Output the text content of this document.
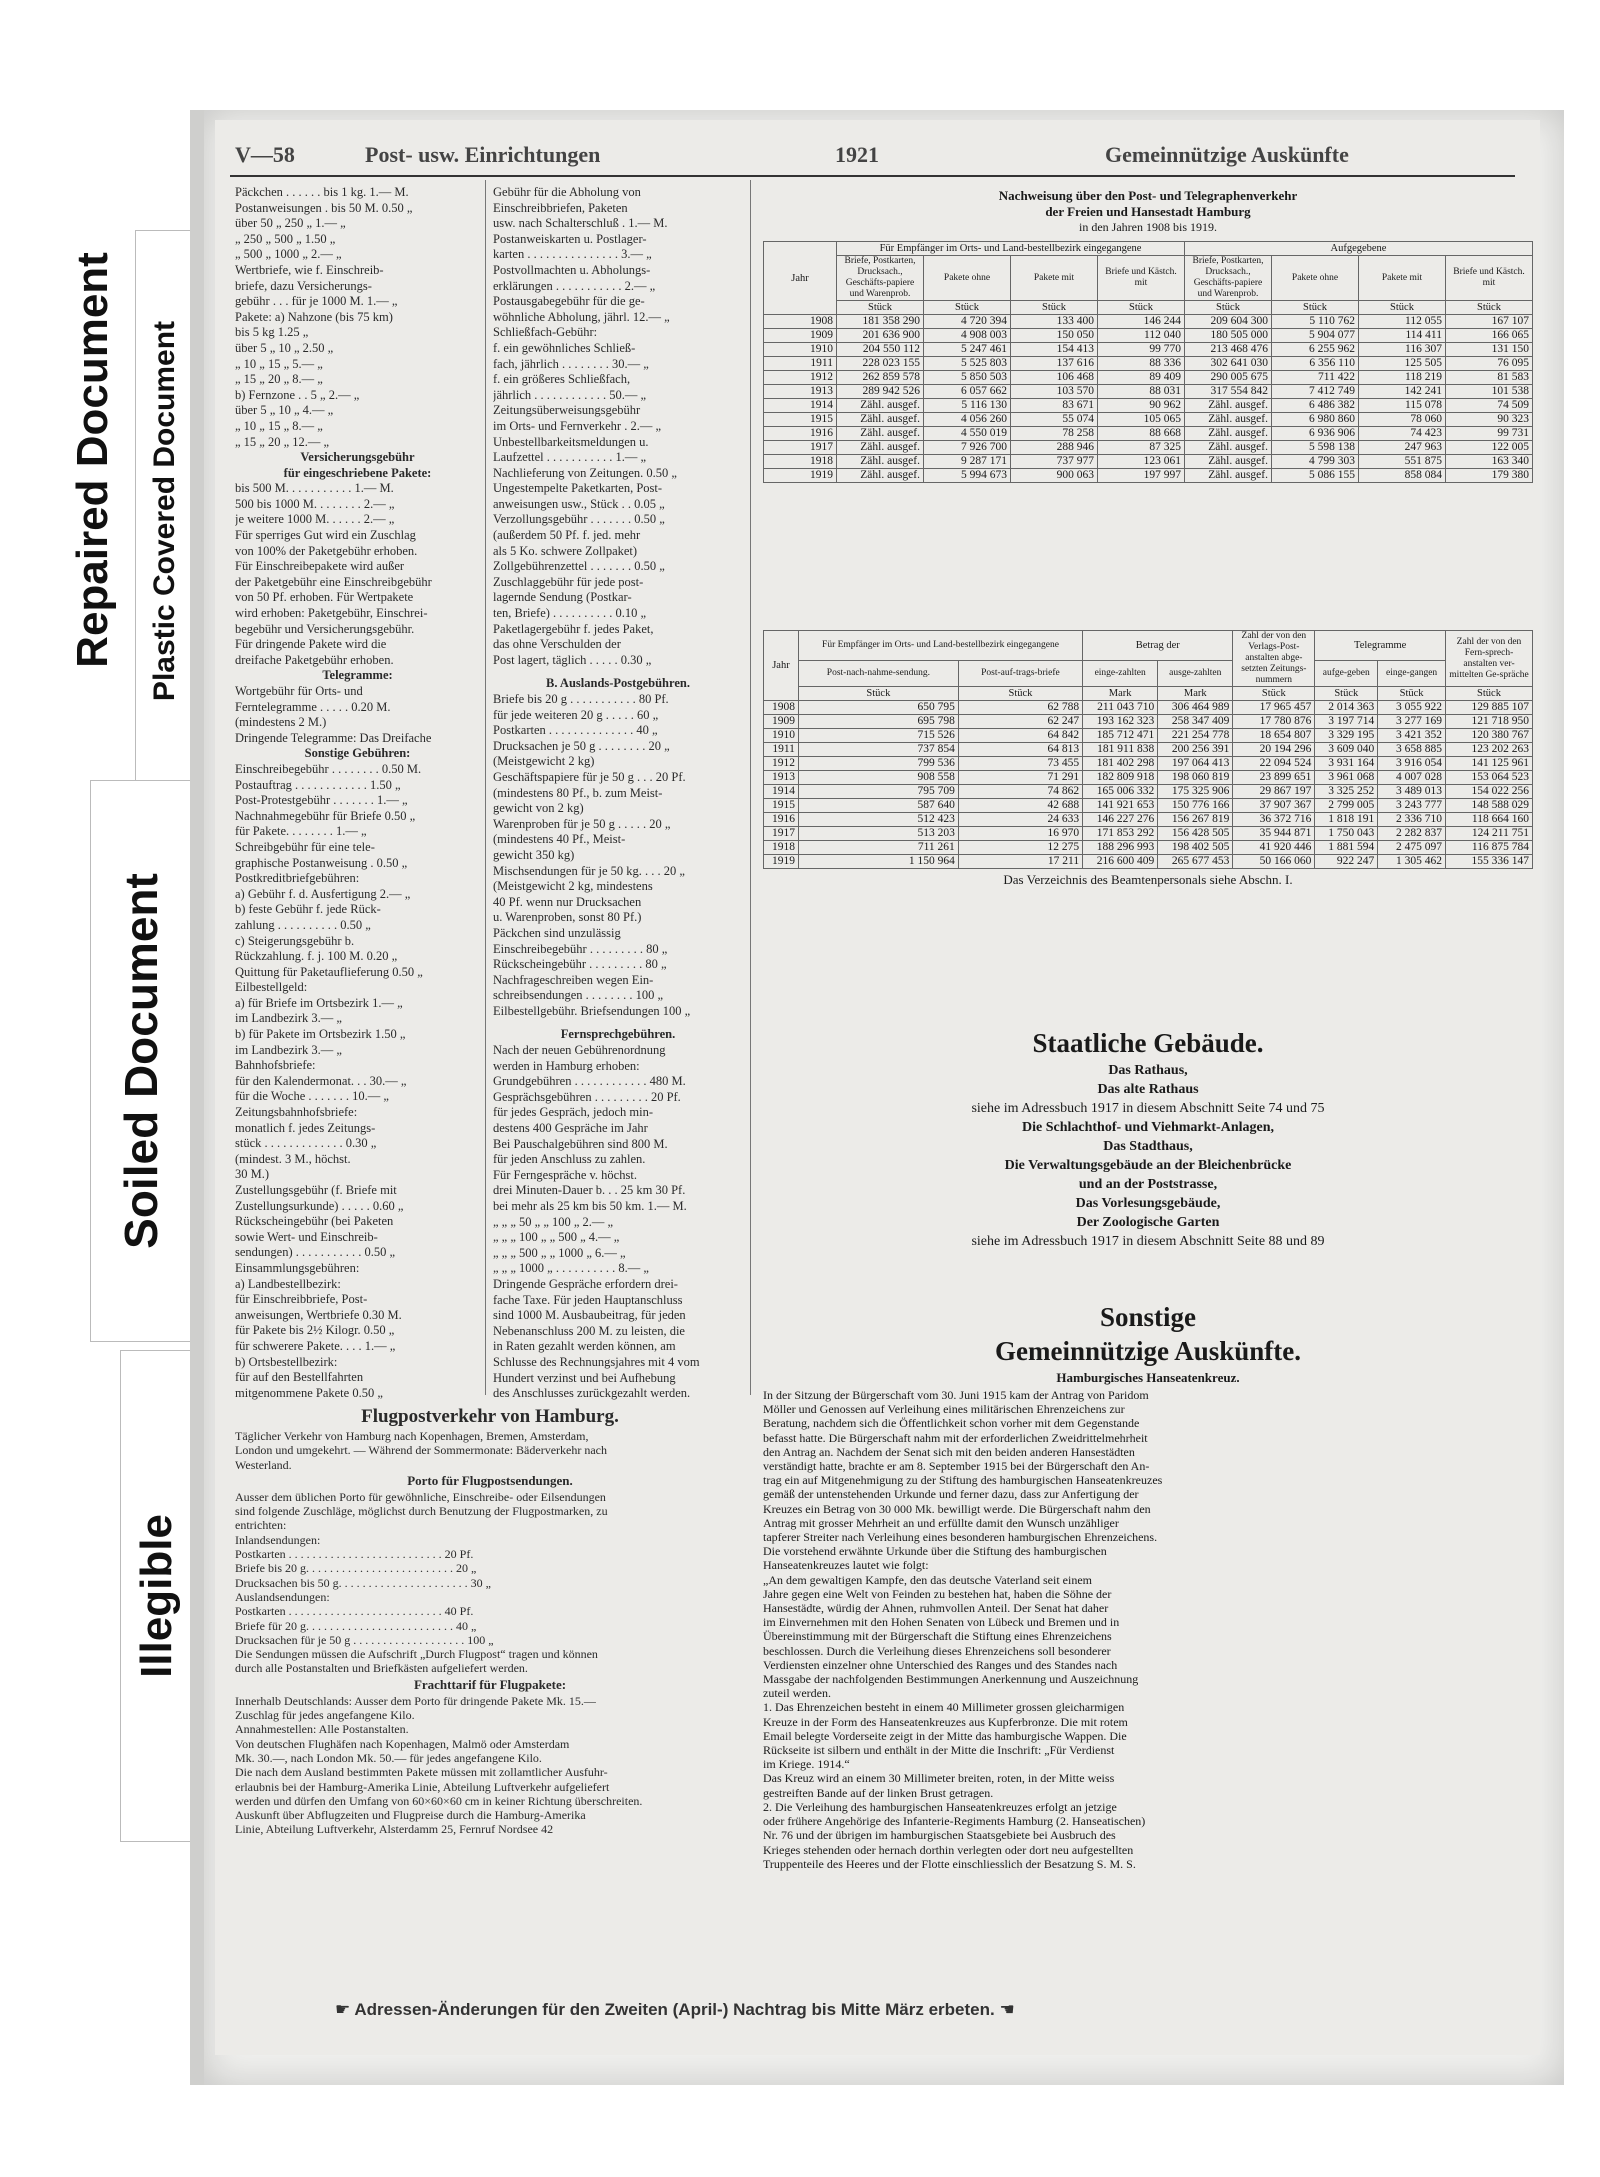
Repaired Document Plastic Covered Document
Soiled Document
Illegible
V—58	Post- usw. Einrichtungen	1921	Gemeinnützige Auskünfte
Päckchen . . . . . . bis 1 kg. 1.— M.
Postanweisungen . bis 50 M. 0.50 „
über 50 „ 250 „ 1.— „
„ 250 „ 500 „ 1.50 „
„ 500 „ 1000 „ 2.— „
Wertbriefe, wie f. Einschreib-
briefe, dazu Versicherungs-
gebühr . . . für je 1000 M. 1.— „
Pakete: a) Nahzone (bis 75 km)
bis 5 kg 1.25 „
über 5 „ 10 „ 2.50 „
„ 10 „ 15 „ 5.— „
„ 15 „ 20 „ 8.— „
b) Fernzone . . 5 „ 2.— „
über 5 „ 10 „ 4.— „
„ 10 „ 15 „ 8.— „
„ 15 „ 20 „ 12.— „
Versicherungsgebühr
für eingeschriebene Pakete:
bis 500 M. . . . . . . . . . . 1.— M.
500 bis 1000 M. . . . . . . . 2.— „
je weitere 1000 M. . . . . . 2.— „
Für sperriges Gut wird ein Zuschlag
von 100% der Paketgebühr erhoben.
Für Einschreibepakete wird außer
der Paketgebühr eine Einschreibgebühr
von 50 Pf. erhoben. Für Wertpakete
wird erhoben: Paketgebühr, Einschrei-
begebühr und Versicherungsgebühr.
Für dringende Pakete wird die
dreifache Paketgebühr erhoben.
Telegramme:
Wortgebühr für Orts- und
Ferntelegramme . . . . . 0.20 M.
(mindestens 2 M.)
Dringende Telegramme: Das Dreifache
Sonstige Gebühren:
Einschreibegebühr . . . . . . . . 0.50 M.
Postauftrag . . . . . . . . . . . . 1.50 „
Post-Protestgebühr . . . . . . . 1.— „
Nachnahmegebühr für Briefe 0.50 „
für Pakete. . . . . . . . 1.— „
Schreibgebühr für eine tele-
graphische Postanweisung . 0.50 „
Postkreditbriefgebühren:
a) Gebühr f. d. Ausfertigung 2.— „
b) feste Gebühr f. jede Rück-
zahlung . . . . . . . . . . 0.50 „
c) Steigerungsgebühr b.
Rückzahlung. f. j. 100 M. 0.20 „
Quittung für Paketauflieferung 0.50 „
Eilbestellgeld:
a) für Briefe im Ortsbezirk 1.— „
im Landbezirk 3.— „
b) für Pakete im Ortsbezirk 1.50 „
im Landbezirk 3.— „
Bahnhofsbriefe:
für den Kalendermonat. . . 30.— „
für die Woche . . . . . . . 10.— „
Zeitungsbahnhofsbriefe:
monatlich f. jedes Zeitungs-
stück . . . . . . . . . . . . . 0.30 „
(mindest. 3 M., höchst.
30 M.)
Zustellungsgebühr (f. Briefe mit
Zustellungsurkunde) . . . . . 0.60 „
Rückscheingebühr (bei Paketen
sowie Wert- und Einschreib-
sendungen) . . . . . . . . . . . 0.50 „
Einsammlungsgebühren:
a) Landbestellbezirk:
für Einschreibbriefe, Post-
anweisungen, Wertbriefe 0.30 M.
für Pakete bis 2½ Kilogr. 0.50 „
für schwerere Pakete. . . . 1.— „
b) Ortsbestellbezirk:
für auf den Bestellfahrten
mitgenommene Pakete 0.50 „
Gebühr für die Abholung von
Einschreibbriefen, Paketen
usw. nach Schalterschluß . 1.— M.
Postanweiskarten u. Postlager-
karten . . . . . . . . . . . . . . . 3.— „
Postvollmachten u. Abholungs-
erklärungen . . . . . . . . . . . 2.— „
Postausgabegebühr für die ge-
wöhnliche Abholung, jährl. 12.— „
Schließfach-Gebühr:
f. ein gewöhnliches Schließ-
fach, jährlich . . . . . . . . 30.— „
f. ein größeres Schließfach,
jährlich . . . . . . . . . . . . 50.— „
Zeitungsüberweisungsgebühr
im Orts- und Fernverkehr . 2.— „
Unbestellbarkeitsmeldungen u.
Laufzettel . . . . . . . . . . . 1.— „
Nachlieferung von Zeitungen. 0.50 „
Ungestempelte Paketkarten, Post-
anweisungen usw., Stück . . 0.05 „
Verzollungsgebühr . . . . . . . 0.50 „
(außerdem 50 Pf. f. jed. mehr
als 5 Ko. schwere Zollpaket)
Zollgebührenzettel . . . . . . . 0.50 „
Zuschlaggebühr für jede post-
lagernde Sendung (Postkar-
ten, Briefe) . . . . . . . . . . 0.10 „
Paketlagergebühr f. jedes Paket,
das ohne Verschulden der
Post lagert, täglich . . . . . 0.30 „
B. Auslands-Postgebühren.
Briefe bis 20 g . . . . . . . . . . . 80 Pf.
für jede weiteren 20 g . . . . . 60 „
Postkarten . . . . . . . . . . . . . . 40 „
Drucksachen je 50 g . . . . . . . . 20 „
(Meistgewicht 2 kg)
Geschäftspapiere für je 50 g . . . 20 Pf.
(mindestens 80 Pf., b. zum Meist-
gewicht von 2 kg)
Warenproben für je 50 g . . . . . 20 „
(mindestens 40 Pf., Meist-
gewicht 350 kg)
Mischsendungen für je 50 kg. . . . 20 „
(Meistgewicht 2 kg, mindestens
40 Pf. wenn nur Drucksachen
u. Warenproben, sonst 80 Pf.)
Päckchen sind unzulässig
Einschreibegebühr . . . . . . . . . 80 „
Rückscheingebühr . . . . . . . . . 80 „
Nachfrageschreiben wegen Ein-
schreibsendungen . . . . . . . . 100 „
Eilbestellgebühr. Briefsendungen 100 „
Fernsprechgebühren.
Nach der neuen Gebührenordnung
werden in Hamburg erhoben:
Grundgebühren . . . . . . . . . . . . 480 M.
Gesprächsgebühren . . . . . . . . . 20 Pf.
für jedes Gespräch, jedoch min-
destens 400 Gespräche im Jahr
Bei Pauschalgebühren sind 800 M.
für jeden Anschluss zu zahlen.
Für Ferngespräche v. höchst.
drei Minuten-Dauer b. . . 25 km 30 Pf.
bei mehr als 25 km bis 50 km. 1.— M.
„ „ „ 50 „ „ 100 „ 2.— „
„ „ „ 100 „ „ 500 „ 4.— „
„ „ „ 500 „ „ 1000 „ 6.— „
„ „ „ 1000 „ . . . . . . . . . . 8.— „
Dringende Gespräche erfordern drei-
fache Taxe. Für jeden Hauptanschluss
sind 1000 M. Ausbaubeitrag, für jeden
Nebenanschluss 200 M. zu leisten, die
in Raten gezahlt werden können, am
Schlusse des Rechnungsjahres mit 4 vom
Hundert verzinst und bei Aufhebung
des Anschlusses zurückgezahlt werden.
Flugpostverkehr von Hamburg.
Täglicher Verkehr von Hamburg nach Kopenhagen, Bremen, Amsterdam,
London und umgekehrt. — Während der Sommermonate: Bäderverkehr nach
Westerland.
Porto für Flugpostsendungen.
Ausser dem üblichen Porto für gewöhnliche, Einschreibe- oder Eilsendungen
sind folgende Zuschläge, möglichst durch Benutzung der Flugpostmarken, zu
entrichten:
Inlandsendungen:
Postkarten . . . . . . . . . . . . . . . . . . . . . . . . . . 20 Pf.
Briefe bis 20 g. . . . . . . . . . . . . . . . . . . . . . . . . 20 „
Drucksachen bis 50 g. . . . . . . . . . . . . . . . . . . . . . 30 „
Auslandsendungen:
Postkarten . . . . . . . . . . . . . . . . . . . . . . . . . . 40 Pf.
Briefe für 20 g. . . . . . . . . . . . . . . . . . . . . . . . . 40 „
Drucksachen für je 50 g . . . . . . . . . . . . . . . . . . . 100 „
Die Sendungen müssen die Aufschrift „Durch Flugpost“ tragen und können
durch alle Postanstalten und Briefkästen aufgeliefert werden.
Frachttarif für Flugpakete:
Innerhalb Deutschlands: Ausser dem Porto für dringende Pakete Mk. 15.—
Zuschlag für jedes angefangene Kilo.
Annahmestellen: Alle Postanstalten.
Von deutschen Flughäfen nach Kopenhagen, Malmö oder Amsterdam
Mk. 30.—, nach London Mk. 50.— für jedes angefangene Kilo.
Die nach dem Ausland bestimmten Pakete müssen mit zollamtlicher Ausfuhr-
erlaubnis bei der Hamburg-Amerika Linie, Abteilung Luftverkehr aufgeliefert
werden und dürfen den Umfang von 60×60×60 cm in keiner Richtung überschreiten.
Auskunft über Abflugzeiten und Flugpreise durch die Hamburg-Amerika
Linie, Abteilung Luftverkehr, Alsterdamm 25, Fernruf Nordsee 42
Nachweisung über den Post- und Telegraphenverkehr
der Freien und Hansestadt Hamburg
in den Jahren 1908 bis 1919.
Jahr	Für Empfänger im Orts- und Land-bestellbezirk eingegangene				Aufgegebene			
	Briefe, Postkarten, Drucksach., Geschäfts-papiere und Warenprob.	Pakete ohne	Pakete mit	Briefe und Kästch. mit	Briefe, Postkarten, Drucksach., Geschäfts-papiere und Warenprob.	Pakete ohne	Pakete mit	Briefe und Kästch. mit
	Stück	Stück	Stück	Stück	Stück	Stück	Stück	Stück
1908	181 358 290	4 720 394	133 400	146 244	209 604 300	5 110 762	112 055	167 107
1909	201 636 900	4 908 003	150 050	112 040	180 505 000	5 904 077	114 411	166 065
1910	204 550 112	5 247 461	154 413	99 770	213 468 476	6 255 962	116 307	131 150
1911	228 023 155	5 525 803	137 616	88 336	302 641 030	6 356 110	125 505	76 095
1912	262 859 578	5 850 503	106 468	89 409	290 005 675	711 422	118 219	81 583
1913	289 942 526	6 057 662	103 570	88 031	317 554 842	7 412 749	142 241	101 538
1914	Zähl. ausgef.	5 116 130	83 671	90 962	Zähl. ausgef.	6 486 382	115 078	74 509
1915	Zähl. ausgef.	4 056 260	55 074	105 065	Zähl. ausgef.	6 980 860	78 060	90 323
1916	Zähl. ausgef.	4 550 019	78 258	88 668	Zähl. ausgef.	6 936 906	74 423	99 731
1917	Zähl. ausgef.	7 926 700	288 946	87 325	Zähl. ausgef.	5 598 138	247 963	122 005
1918	Zähl. ausgef.	9 287 171	737 977	123 061	Zähl. ausgef.	4 799 303	551 875	163 340
1919	Zähl. ausgef.	5 994 673	900 063	197 997	Zähl. ausgef.	5 086 155	858 084	179 380
Jahr	Für Empfänger im Orts- und Land-bestellbezirk eingegangene		Betrag der		Zahl der von den Verlags-Post-anstalten abge-setzten Zeitungs-nummern	Telegramme		Zahl der von den Fern-sprech-anstalten ver-mittelten Ge-spräche
	Post-nach-nahme-sendung.	Post-auf-trags-briefe	einge-zahlten	ausge-zahlten		aufge-geben	einge-gangen	
	Stück	Stück	Mark	Mark	Stück	Stück	Stück	Stück
1908	650 795	62 788	211 043 710	306 464 989	17 965 457	2 014 363	3 055 922	129 885 107
1909	695 798	62 247	193 162 323	258 347 409	17 780 876	3 197 714	3 277 169	121 718 950
1910	715 526	64 842	185 712 471	221 254 778	18 654 807	3 329 195	3 421 352	120 380 767
1911	737 854	64 813	181 911 838	200 256 391	20 194 296	3 609 040	3 658 885	123 202 263
1912	799 536	73 455	181 402 298	197 064 413	22 094 524	3 931 164	3 916 054	141 125 961
1913	908 558	71 291	182 809 918	198 060 819	23 899 651	3 961 068	4 007 028	153 064 523
1914	795 709	74 862	165 006 332	175 325 906	29 867 197	3 325 252	3 489 013	154 022 256
1915	587 640	42 688	141 921 653	150 776 166	37 907 367	2 799 005	3 243 777	148 588 029
1916	512 423	24 633	146 227 276	156 267 819	36 372 716	1 818 191	2 336 710	118 664 160
1917	513 203	16 970	171 853 292	156 428 505	35 944 871	1 750 043	2 282 837	124 211 751
1918	711 261	12 275	188 296 993	198 402 505	41 920 446	1 881 594	2 475 097	116 875 784
1919	1 150 964	17 211	216 600 409	265 677 453	50 166 060	922 247	1 305 462	155 336 147
Das Verzeichnis des Beamtenpersonals siehe Abschn. I.
Staatliche Gebäude.
Das Rathaus,
Das alte Rathaus
siehe im Adressbuch 1917 in diesem Abschnitt Seite 74 und 75
Die Schlachthof- und Viehmarkt-Anlagen,
Das Stadthaus,
Die Verwaltungsgebäude an der Bleichenbrücke
und an der Poststrasse,
Das Vorlesungsgebäude,
Der Zoologische Garten
siehe im Adressbuch 1917 in diesem Abschnitt Seite 88 und 89
Sonstige
Gemeinnützige Auskünfte.
Hamburgisches Hanseatenkreuz.
In der Sitzung der Bürgerschaft vom 30. Juni 1915 kam der Antrag von Paridom
Möller und Genossen auf Verleihung eines militärischen Ehrenzeichens zur
Beratung, nachdem sich die Öffentlichkeit schon vorher mit dem Gegenstande
befasst hatte. Die Bürgerschaft nahm mit der erforderlichen Zweidrittelmehrheit
den Antrag an. Nachdem der Senat sich mit den beiden anderen Hansestädten
verständigt hatte, brachte er am 8. September 1915 bei der Bürgerschaft den An-
trag ein auf Mitgenehmigung zu der Stiftung des hamburgischen Hanseatenkreuzes
gemäß der untenstehenden Urkunde und ferner dazu, dass zur Anfertigung der
Kreuzes ein Betrag von 30 000 Mk. bewilligt werde. Die Bürgerschaft nahm den
Antrag mit grosser Mehrheit an und erfüllte damit den Wunsch unzähliger
tapferer Streiter nach Verleihung eines besonderen hamburgischen Ehrenzeichens.
Die vorstehend erwähnte Urkunde über die Stiftung des hamburgischen
Hanseatenkreuzes lautet wie folgt:
„An dem gewaltigen Kampfe, den das deutsche Vaterland seit einem
Jahre gegen eine Welt von Feinden zu bestehen hat, haben die Söhne der
Hansestädte, würdig der Ahnen, ruhmvollen Anteil. Der Senat hat daher
im Einvernehmen mit den Hohen Senaten von Lübeck und Bremen und in
Übereinstimmung mit der Bürgerschaft die Stiftung eines Ehrenzeichens
beschlossen. Durch die Verleihung dieses Ehrenzeichens soll besonderer
Verdiensten einzelner ohne Unterschied des Ranges und des Standes nach
Massgabe der nachfolgenden Bestimmungen Anerkennung und Auszeichnung
zuteil werden.
1. Das Ehrenzeichen besteht in einem 40 Millimeter grossen gleicharmigen
Kreuze in der Form des Hanseatenkreuzes aus Kupferbronze. Die mit rotem
Email belegte Vorderseite zeigt in der Mitte das hamburgische Wappen. Die
Rückseite ist silbern und enthält in der Mitte die Inschrift: „Für Verdienst
im Kriege. 1914.“
Das Kreuz wird an einem 30 Millimeter breiten, roten, in der Mitte weiss
gestreiften Bande auf der linken Brust getragen.
2. Die Verleihung des hamburgischen Hanseatenkreuzes erfolgt an jetzige
oder frühere Angehörige des Infanterie-Regiments Hamburg (2. Hanseatischen)
Nr. 76 und der übrigen im hamburgischen Staatsgebiete bei Ausbruch des
Krieges stehenden oder hernach dorthin verlegten oder dort neu aufgestellten
Truppenteile des Heeres und der Flotte einschliesslich der Besatzung S. M. S.
☛ Adressen-Änderungen für den Zweiten (April-) Nachtrag bis Mitte März erbeten. ☚
